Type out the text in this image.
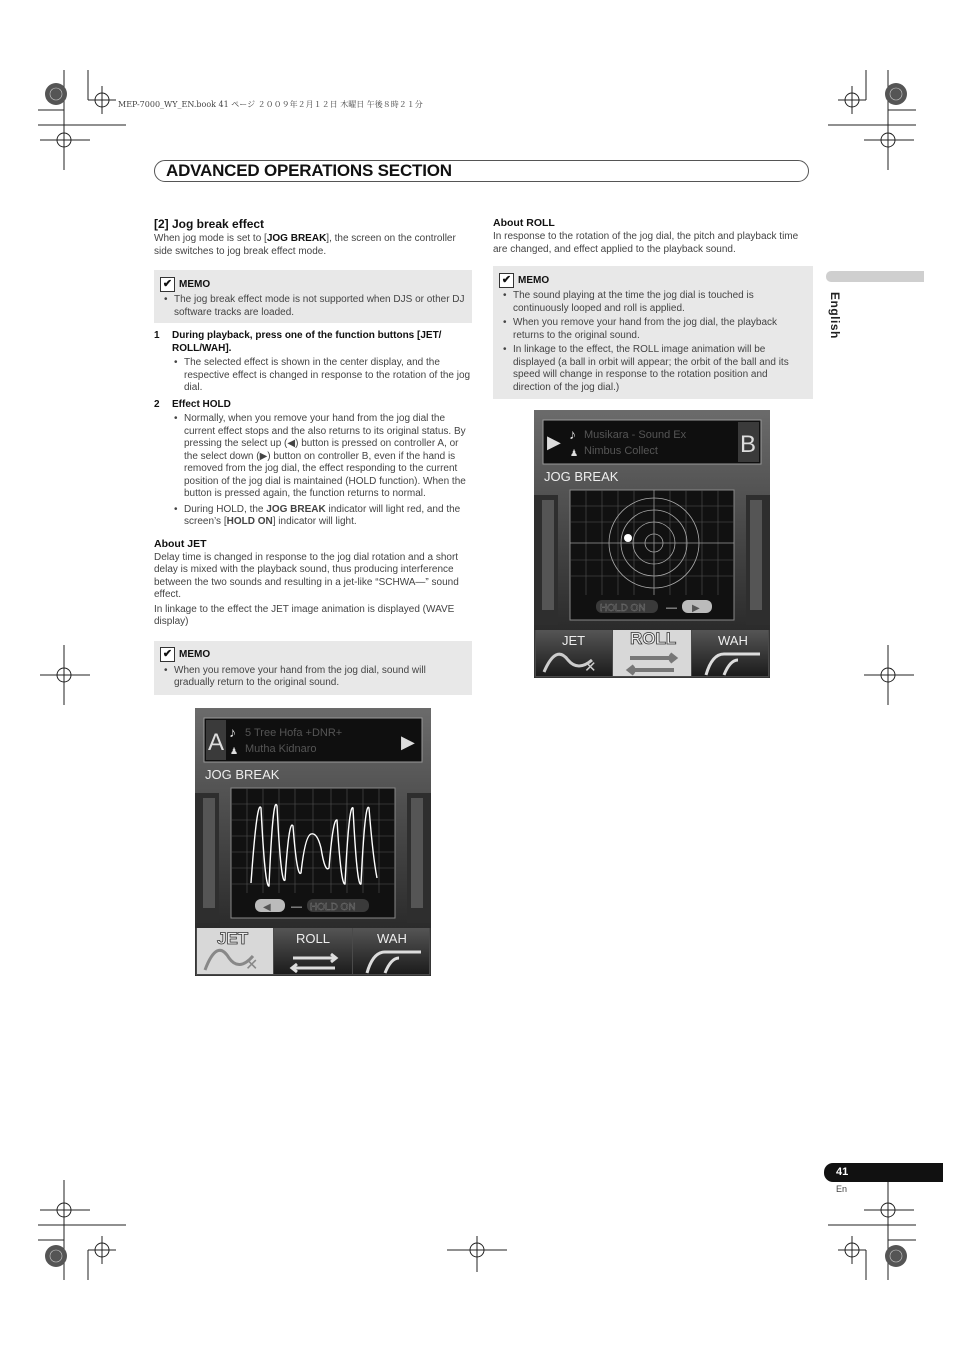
MEP-7000_WY_EN.book 41 ページ ２００９年２月１２日 木曜日 午後８時２１分
ADVANCED OPERATIONS SECTION
English
[2] Jog break effect
When jog mode is set to [JOG BREAK], the screen on the controller side switches to jog break effect mode.
✔ MEMO
• The jog break effect mode is not supported when DJS or other DJ software tracks are loaded.
1 During playback, press one of the function buttons [JET/ ROLL/WAH].
• The selected effect is shown in the center display, and the respective effect is changed in response to the rotation of the jog dial.
2 Effect HOLD
• Normally, when you remove your hand from the jog dial the current effect stops and the also returns to its original status. By pressing the select up (◀) button is pressed on controller A, or the select down (▶) button on controller B, even if the hand is removed from the jog dial, the effect responding to the current position of the jog dial is maintained (HOLD function). When the button is pressed again, the function returns to normal.
• During HOLD, the JOG BREAK indicator will light red, and the screen’s [HOLD ON] indicator will light.
About JET
Delay time is changed in response to the jog dial rotation and a short delay is mixed with the playback sound, thus producing interference between the two sounds and resulting in a jet-like “SCHWA—” sound effect.
In linkage to the effect the JET image animation is displayed (WAVE display)
✔ MEMO
• When you remove your hand from the jog dial, sound will gradually return to the original sound.
About ROLL
In response to the rotation of the jog dial, the pitch and playback time are changed, and effect applied to the playback sound.
✔ MEMO
• The sound playing at the time the jog dial is touched is continuously looped and roll is applied.
• When you remove your hand from the jog dial, the playback returns to the original sound.
• In linkage to the effect, the ROLL image animation will be displayed (a ball in orbit will appear; the orbit of the ball and its speed will change in response to the rotation position and direction of the jog dial.)
A ♪
♟
5 Tree Hofa +DNR+
Mutha Kidnaro	▶
JOG BREAK
◀ — HOLD ON
JET	ROLL	WAH
✕
▶ ♪
♟
Musikara - Sound Ex
Nimbus Collect	B
JOG BREAK
HOLD ON — ▶
JET	ROLL	WAH
✕
41
En
